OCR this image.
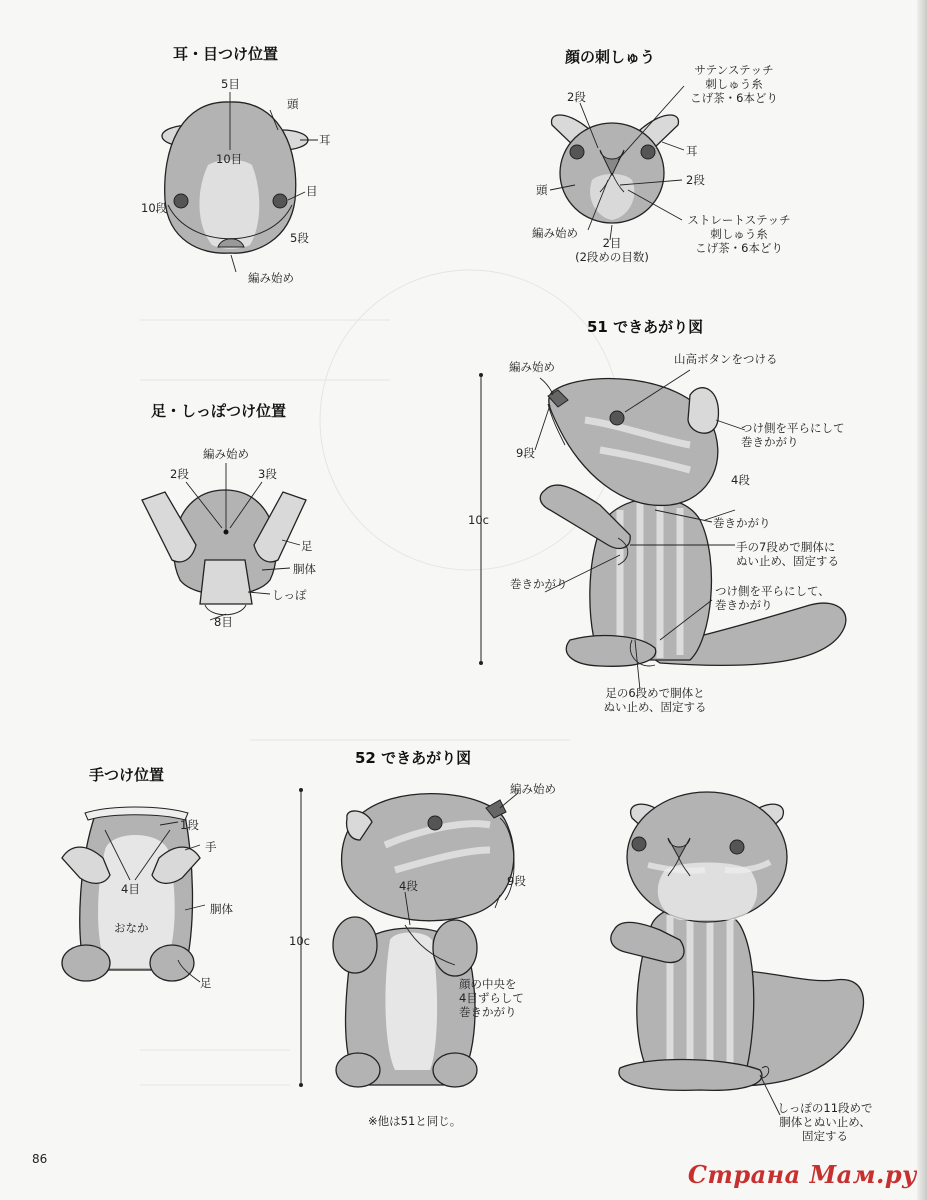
耳・目つけ位置	顔の刺しゅう
足・しっぽつけ位置
51 できあがり図
手つけ位置
52 できあがり図
5目
頭
耳
10目
目
10段
5段
編み始め
2段
サテンステッチ
刺しゅう糸
こげ茶・6本どり
耳
2段
頭
ストレートステッチ
刺しゅう糸
こげ茶・6本どり
編み始め
2目
(2段めの目数)
編み始め
2段	3段
足
胴体
しっぽ
8目
編み始め
山高ボタンをつける
つけ側を平らにして
巻きかがり
9段
4段
巻きかがり
10c
手の7段めで胴体に
ぬい止め、固定する
巻きかがり	つけ側を平らにして、
巻きかがり
足の6段めで胴体と
ぬい止め、固定する
1段
手
4目
胴体
おなか
足
編み始め
4段	9段
10c
顔の中央を
4目ずらして
巻きかがり
※他は51と同じ。
しっぽの11段めで
胴体とぬい止め、
固定する
86
Страна Мам.ру
